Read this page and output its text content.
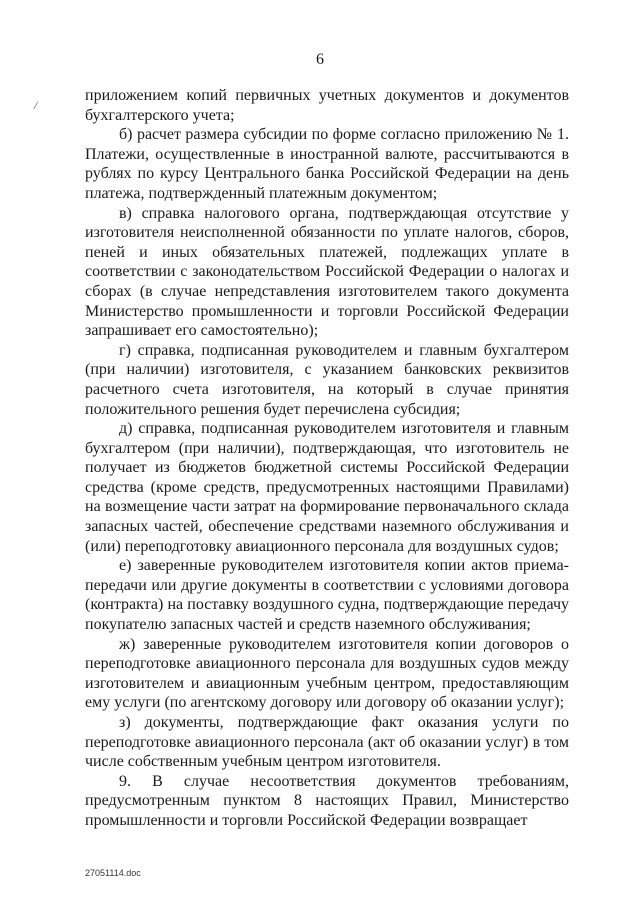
6
/

приложением копий первичных учетных документов и документов бухгалтерского учета;

б) расчет размера субсидии по форме согласно приложению № 1. Платежи, осуществленные в иностранной валюте, рассчитываются в рублях по курсу Центрального банка Российской Федерации на день платежа, подтвержденный платежным документом;

в) справка налогового органа, подтверждающая отсутствие у изготовителя неисполненной обязанности по уплате налогов, сборов, пеней и иных обязательных платежей, подлежащих уплате в соответствии с законодательством Российской Федерации о налогах и сборах (в случае непредставления изготовителем такого документа Министерство промышленности и торговли Российской Федерации запрашивает его самостоятельно);

г) справка, подписанная руководителем и главным бухгалтером (при наличии) изготовителя, с указанием банковских реквизитов расчетного счета изготовителя, на который в случае принятия положительного решения будет перечислена субсидия;

д) справка, подписанная руководителем изготовителя и главным бухгалтером (при наличии), подтверждающая, что изготовитель не получает из бюджетов бюджетной системы Российской Федерации средства (кроме средств, предусмотренных настоящими Правилами) на возмещение части затрат на формирование первоначального склада запасных частей, обеспечение средствами наземного обслуживания и (или) переподготовку авиационного персонала для воздушных судов;

е) заверенные руководителем изготовителя копии актов приема-передачи или другие документы в соответствии с условиями договора (контракта) на поставку воздушного судна, подтверждающие передачу покупателю запасных частей и средств наземного обслуживания;

ж) заверенные руководителем изготовителя копии договоров о переподготовке авиационного персонала для воздушных судов между изготовителем и авиационным учебным центром, предоставляющим ему услуги (по агентскому договору или договору об оказании услуг);

з) документы, подтверждающие факт оказания услуги по переподготовке авиационного персонала (акт об оказании услуг) в том числе собственным учебным центром изготовителя.

9. В случае несоответствия документов требованиям, предусмотренным пунктом 8 настоящих Правил, Министерство промышленности и торговли Российской Федерации возвращает

27051114.doc
